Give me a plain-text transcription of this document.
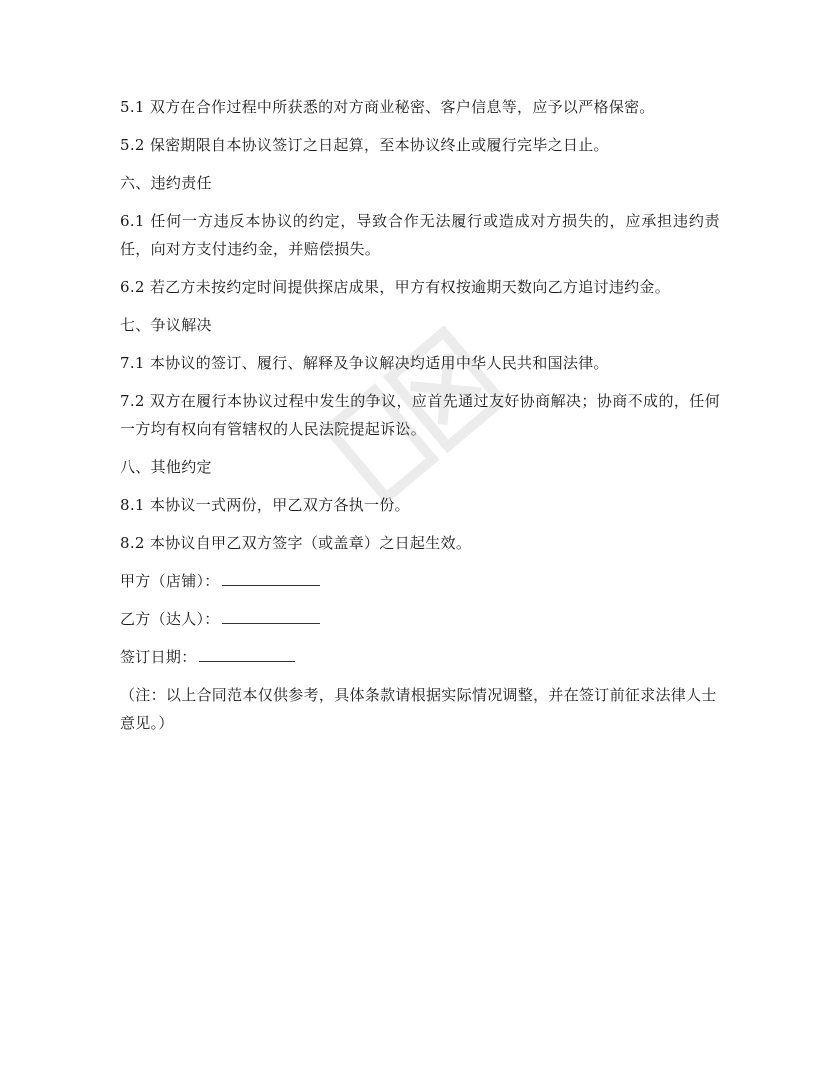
5.1 双方在合作过程中所获悉的对方商业秘密、客户信息等，应予以严格保密。

5.2 保密期限自本协议签订之日起算，至本协议终止或履行完毕之日止。

六、违约责任

6.1 任何一方违反本协议的约定，导致合作无法履行或造成对方损失的，应承担违约责任，向对方支付违约金，并赔偿损失。

6.2 若乙方未按约定时间提供探店成果，甲方有权按逾期天数向乙方追讨违约金。

七、争议解决

7.1 本协议的签订、履行、解释及争议解决均适用中华人民共和国法律。

7.2 双方在履行本协议过程中发生的争议，应首先通过友好协商解决；协商不成的，任何一方均有权向有管辖权的人民法院提起诉讼。

八、其他约定

8.1 本协议一式两份，甲乙双方各执一份。

8.2 本协议自甲乙双方签字（或盖章）之日起生效。

甲方（店铺）：
乙方（达人）：
签订日期：

（注：以上合同范本仅供参考，具体条款请根据实际情况调整，并在签订前征求法律人士意见。）
